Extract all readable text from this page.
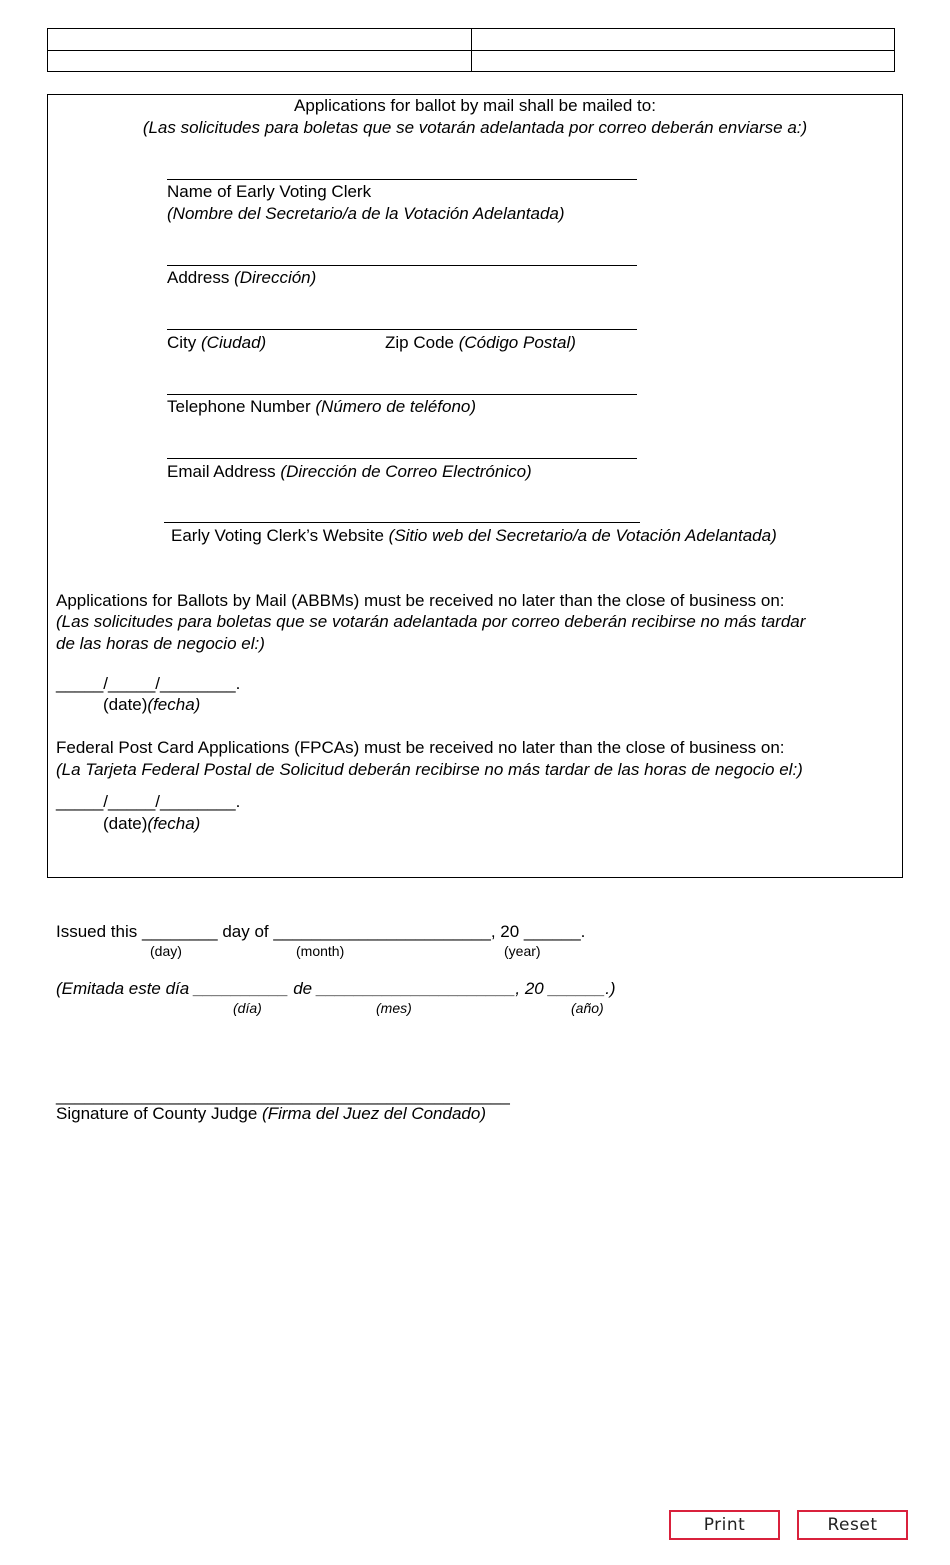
Applications for ballot by mail shall be mailed to:
(Las solicitudes para boletas que se votarán adelantada por correo deberán enviarse a:)
Name of Early Voting Clerk
(Nombre del Secretario/a de la Votación Adelantada)
Address (Dirección)
City (Ciudad)	Zip Code (Código Postal)
Telephone Number (Número de teléfono)
Email Address (Dirección de Correo Electrónico)
Early Voting Clerk’s Website (Sitio web del Secretario/a de Votación Adelantada)
Applications for Ballots by Mail (ABBMs) must be received no later than the close of business on:
(Las solicitudes para boletas que se votarán adelantada por correo deberán recibirse no más tardar
de las horas de negocio el:)
_____/_____/________.
(date)(fecha)
Federal Post Card Applications (FPCAs) must be received no later than the close of business on:
(La Tarjeta Federal Postal de Solicitud deberán recibirse no más tardar de las horas de negocio el:)
_____/_____/________.
(date)(fecha)
Issued this ________ day of _______________________, 20 ______.
(day)	(month)	(year)
(Emitada este día __________ de _____________________, 20 ______.)
(día)	(mes)	(año)
________________________________________________
Signature of County Judge (Firma del Juez del Condado)
Print	Reset
